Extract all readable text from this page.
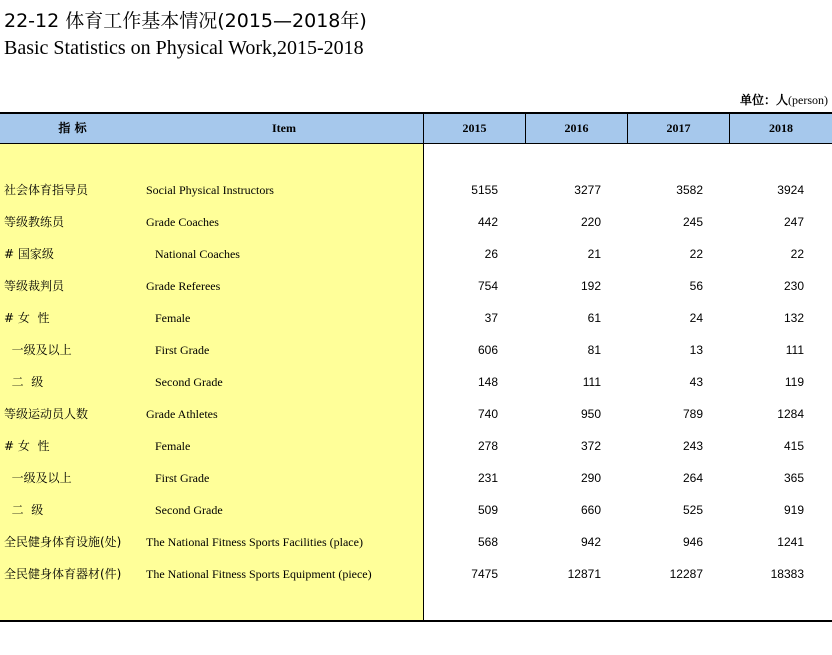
22-12 体育工作基本情况(2015—2018年)
Basic Statistics on Physical Work,2015-2018
单位：人(person)
指 标	Item	2015	2016	2017	2018
社会体育指导员	Social Physical Instructors	5155	3277	3582	3924
等级教练员	Grade Coaches	442	220	245	247
# 国家级	National Coaches	26	21	22	22
等级裁判员	Grade Referees	754	192	56	230
# 女  性	Female	37	61	24	132
一级及以上	First Grade	606	81	13	111
二  级	Second Grade	148	111	43	119
等级运动员人数	Grade Athletes	740	950	789	1284
# 女  性	Female	278	372	243	415
一级及以上	First Grade	231	290	264	365
二  级	Second Grade	509	660	525	919
全民健身体育设施(处) The National Fitness Sports Facilities (place)	568	942	946	1241
全民健身体育器材(件) The National Fitness Sports Equipment (piece)	7475	12871	12287	18383
